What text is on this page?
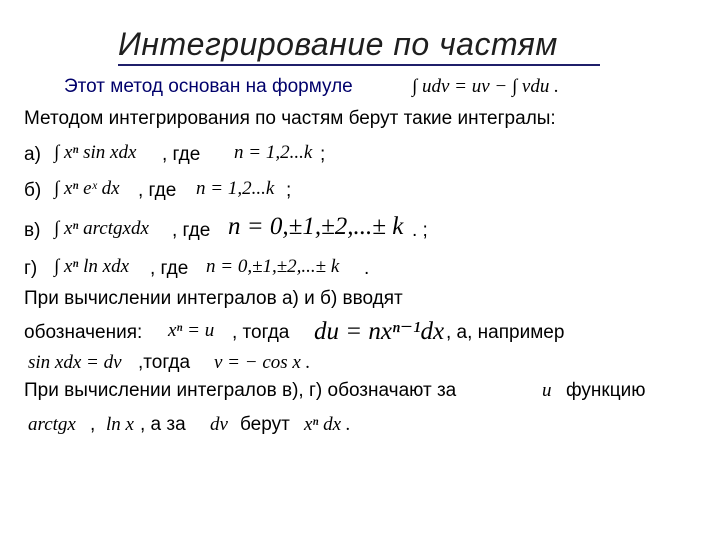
Интегрирование по частям
Этот метод основан на формуле	∫ udv = uv − ∫ vdu .
Методом интегрирования по частям берут такие интегралы:
а) ∫ xⁿ sin xdx , где n = 1,2...k ;
б) ∫ xⁿ eˣ dx , где n = 1,2...k ;
в) ∫ xⁿ arctgxdx , где n = 0,±1,±2,...± k . ;
г) ∫ xⁿ ln xdx , где n = 0,±1,±2,...± k .
При вычислении интегралов а) и б) вводят
обозначения: xⁿ = u , тогда du = nxⁿ⁻¹dx , а, например
sin xdx = dv ,тогда v = − cos x .
При вычислении интегралов в), г) обозначают за	u функцию
arctgx , ln x , а за dv берут xⁿ dx .
